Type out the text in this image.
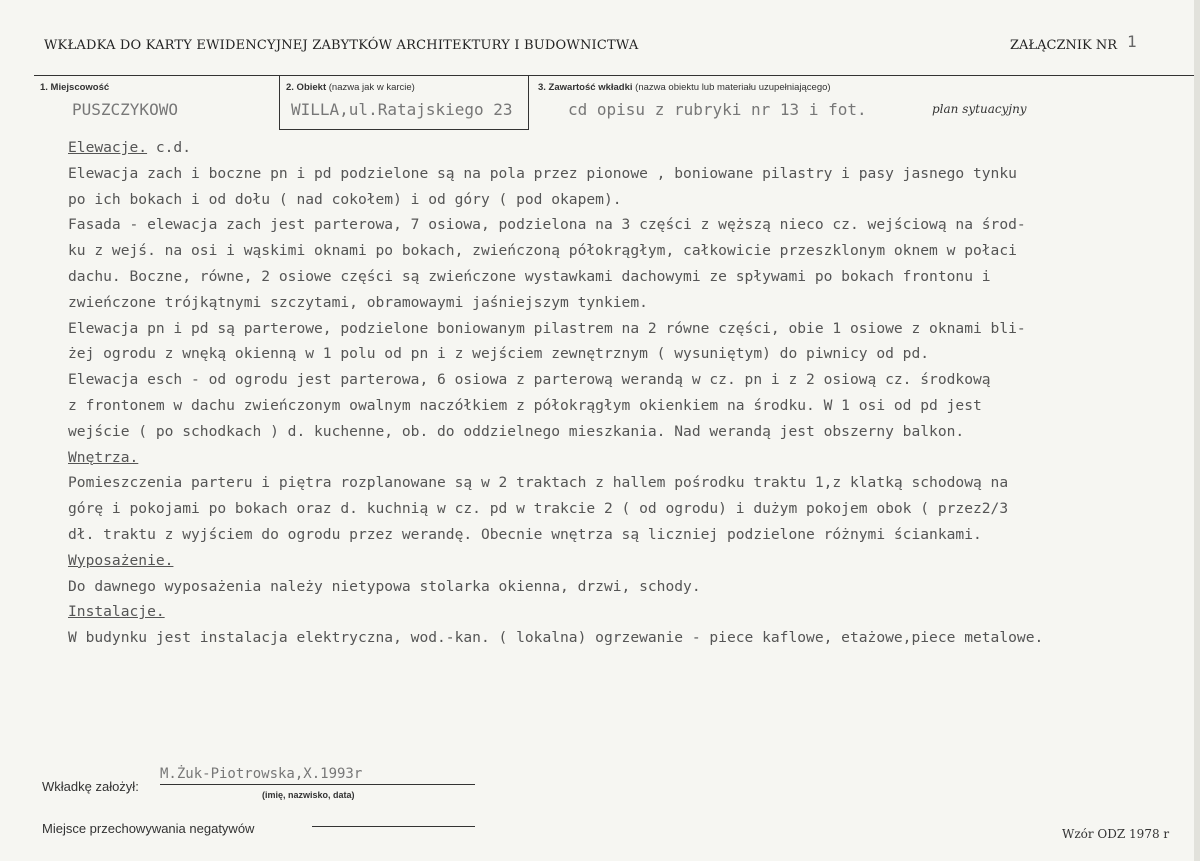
WKŁADKA DO KARTY EWIDENCYJNEJ ZABYTKÓW ARCHITEKTURY I BUDOWNICTWA	ZAŁĄCZNIK NR 1
1. Miejscowość
PUSZCZYKOWO
2. Obiekt (nazwa jak w karcie)
WILLA,ul.Ratajskiego 23
3. Zawartość wkładki (nazwa obiektu lub materiału uzupełniającego)
cd opisu z rubryki nr 13 i fot.	plan sytuacyjny
Elewacje. c.d.
Elewacja zach i boczne pn i pd podzielone są na pola przez pionowe , boniowane pilastry i pasy jasnego tynku
po ich bokach i od dołu ( nad cokołem) i od góry ( pod okapem).
Fasada - elewacja zach jest parterowa, 7 osiowa, podzielona na 3 części z węższą nieco cz. wejściową na środ-
ku z wejś. na osi i wąskimi oknami po bokach, zwieńczoną półokrągłym, całkowicie przeszklonym oknem w połaci
dachu. Boczne, równe, 2 osiowe części są zwieńczone wystawkami dachowymi ze spływami po bokach frontonu i
zwieńczone trójkątnymi szczytami, obramowaymi jaśniejszym tynkiem.
Elewacja pn i pd są parterowe, podzielone boniowanym pilastrem na 2 równe części, obie 1 osiowe z oknami bli-
żej ogrodu z wnęką okienną w 1 polu od pn i z wejściem zewnętrznym ( wysuniętym) do piwnicy od pd.
Elewacja esch - od ogrodu jest parterowa, 6 osiowa z parterową werandą w cz. pn i z 2 osiową cz. środkową
z frontonem w dachu zwieńczonym owalnym naczółkiem z półokrągłym okienkiem na środku. W 1 osi od pd jest
wejście ( po schodkach ) d. kuchenne, ob. do oddzielnego mieszkania. Nad werandą jest obszerny balkon.
Wnętrza.
Pomieszczenia parteru i piętra rozplanowane są w 2 traktach z hallem pośrodku traktu 1,z klatką schodową na
górę i pokojami po bokach oraz d. kuchnią w cz. pd w trakcie 2 ( od ogrodu) i dużym pokojem obok ( przez2/3
dł. traktu z wyjściem do ogrodu przez werandę. Obecnie wnętrza są liczniej podzielone różnymi ściankami.
Wyposażenie.
Do dawnego wyposażenia należy nietypowa stolarka okienna, drzwi, schody.
Instalacje.
W budynku jest instalacja elektryczna, wod.-kan. ( lokalna) ogrzewanie - piece kaflowe, etażowe,piece metalowe.
Wkładkę założył:
M.Żuk-Piotrowska,X.1993r
(imię, nazwisko, data)
Miejsce przechowywania negatywów	Wzór ODZ 1978 r
